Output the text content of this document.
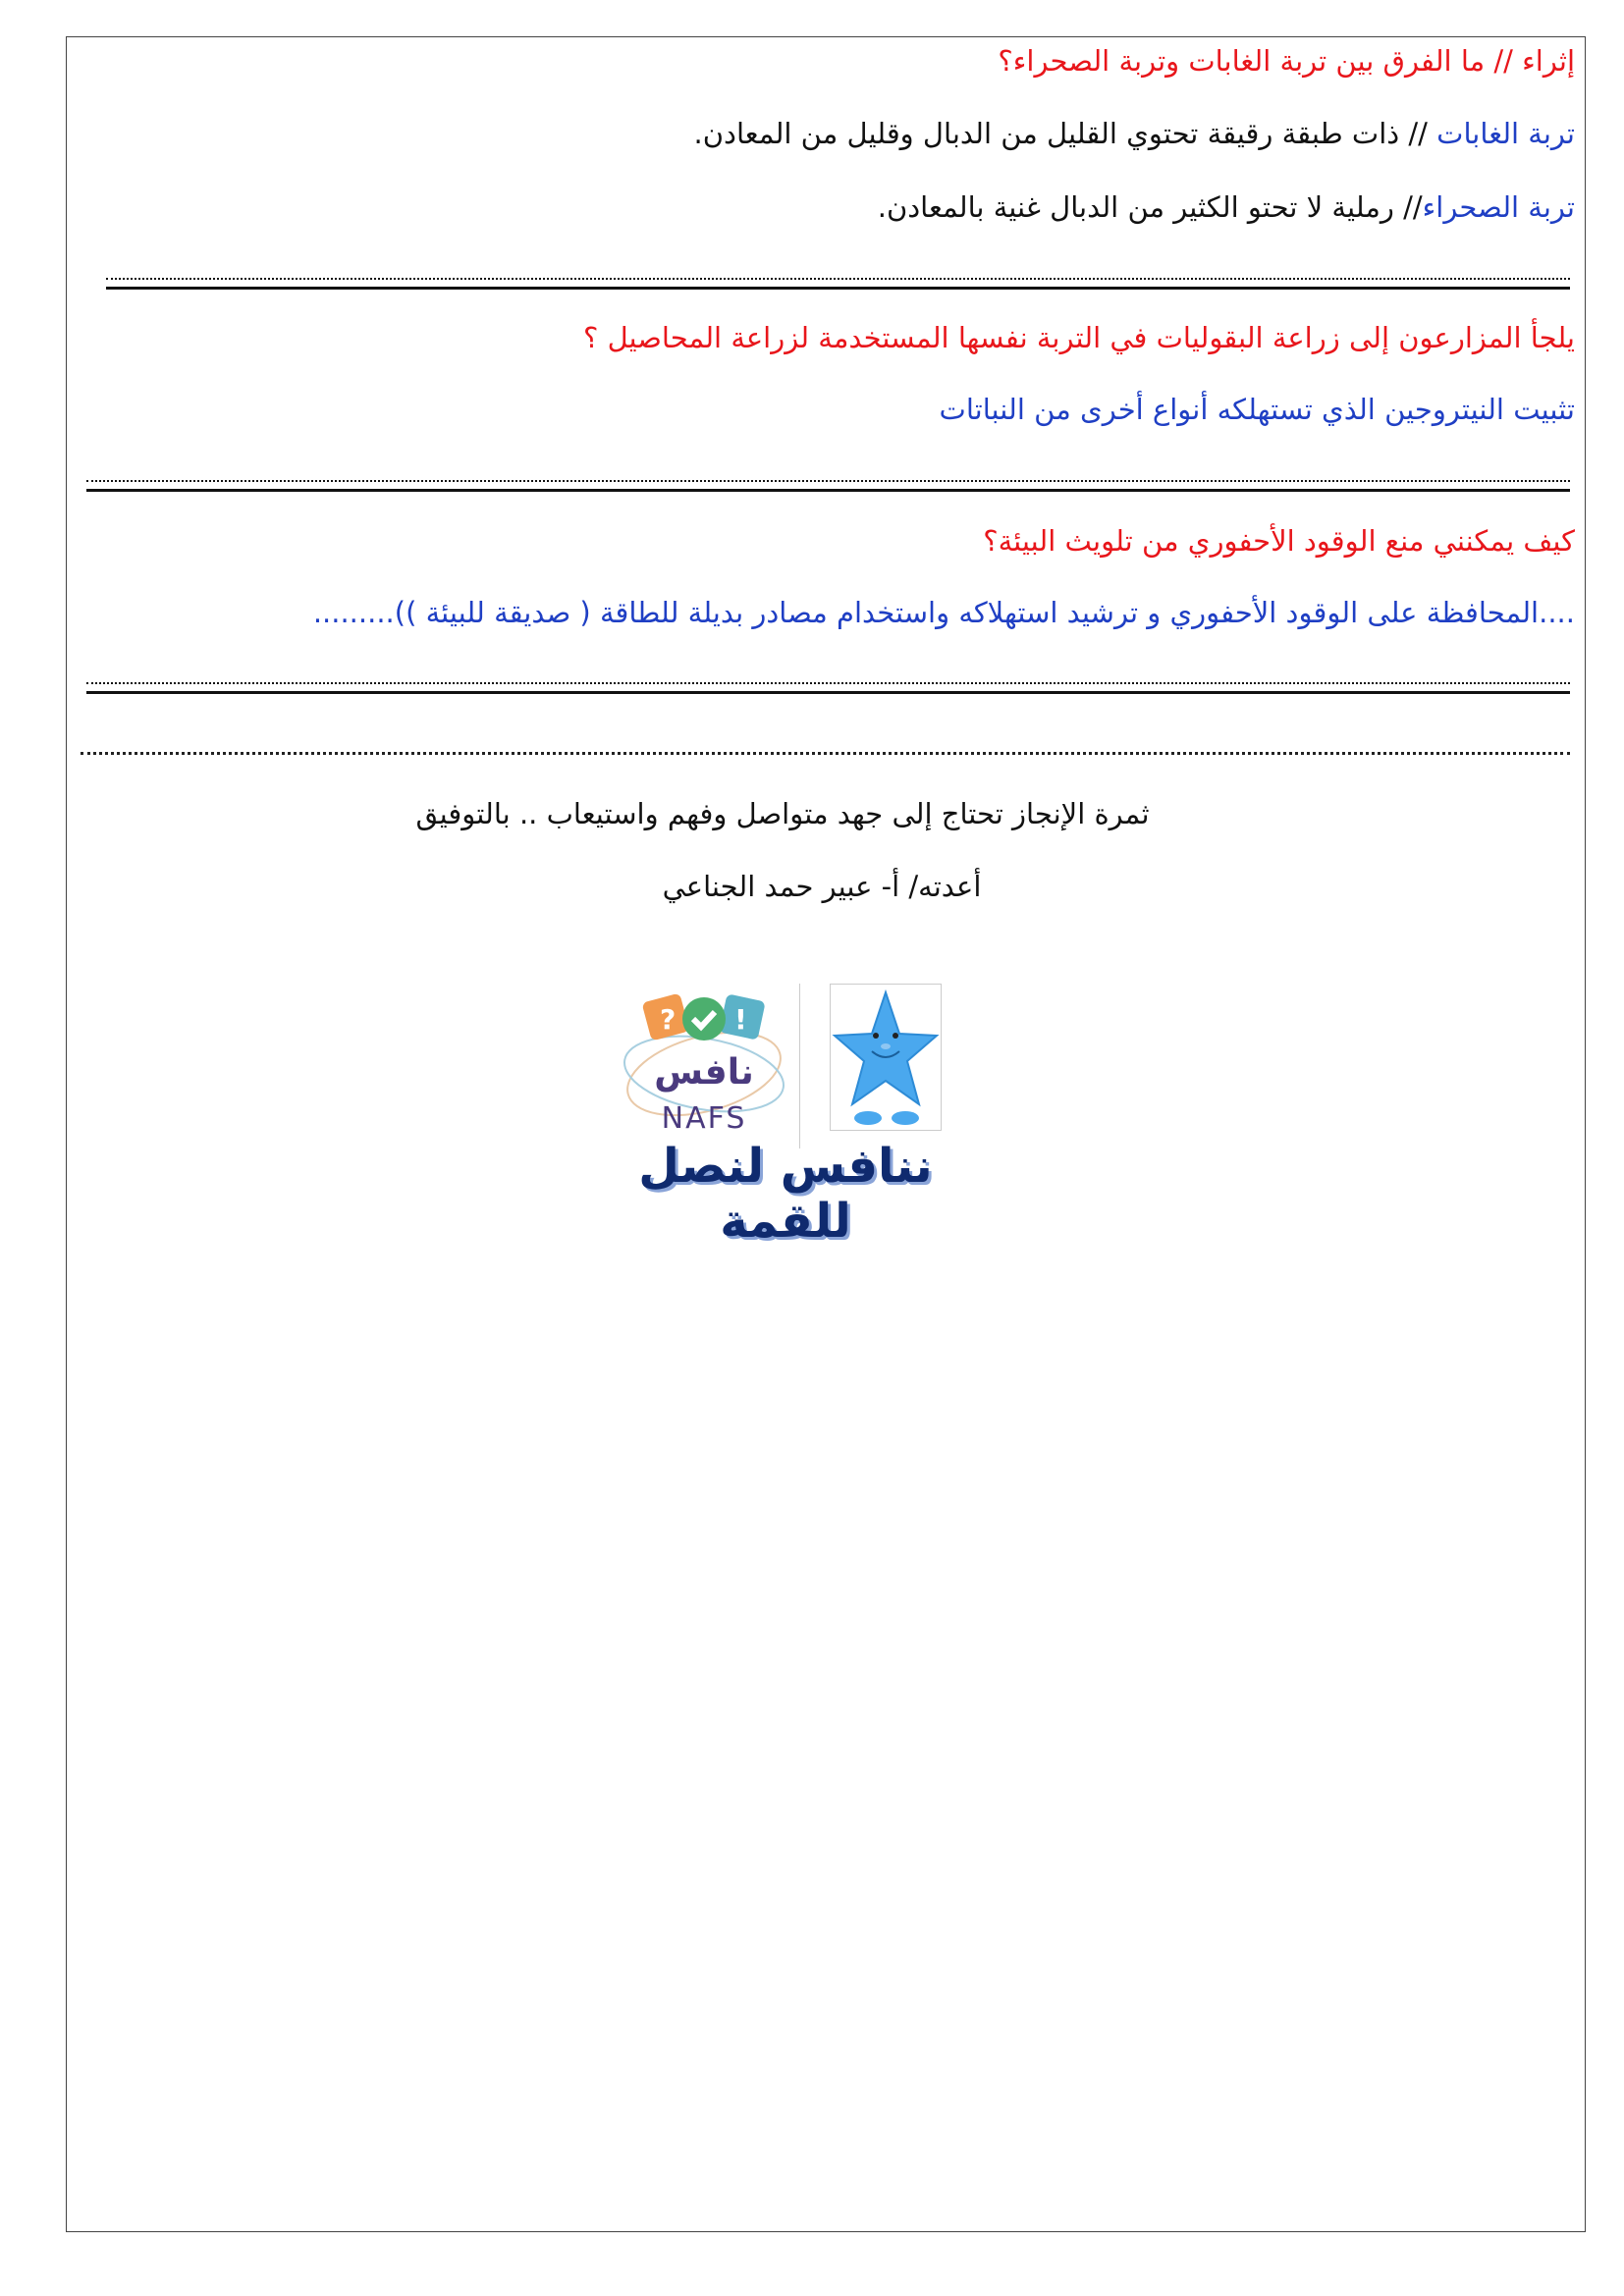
إثراء // ما الفرق بين تربة الغابات وتربة الصحراء؟
تربة الغابات // ذات طبقة رقيقة تحتوي القليل من الدبال وقليل من المعادن.
تربة الصحراء// رملية لا تحتو الكثير من الدبال غنية بالمعادن.
يلجأ المزارعون إلى زراعة البقوليات في التربة نفسها المستخدمة لزراعة المحاصيل ؟
تثبيت النيتروجين الذي تستهلكه أنواع أخرى من النباتات
كيف يمكنني منع الوقود الأحفوري من تلويث البيئة؟
....المحافظة على الوقود الأحفوري و ترشيد استهلاكه واستخدام مصادر بديلة للطاقة ( صديقة للبيئة )).........
ثمرة الإنجاز تحتاج إلى جهد متواصل وفهم واستيعاب .. بالتوفيق
أعدته/ أ- عبير حمد الجناعي
? !
نافس
NAFS
ننافس لنصل للقمة
